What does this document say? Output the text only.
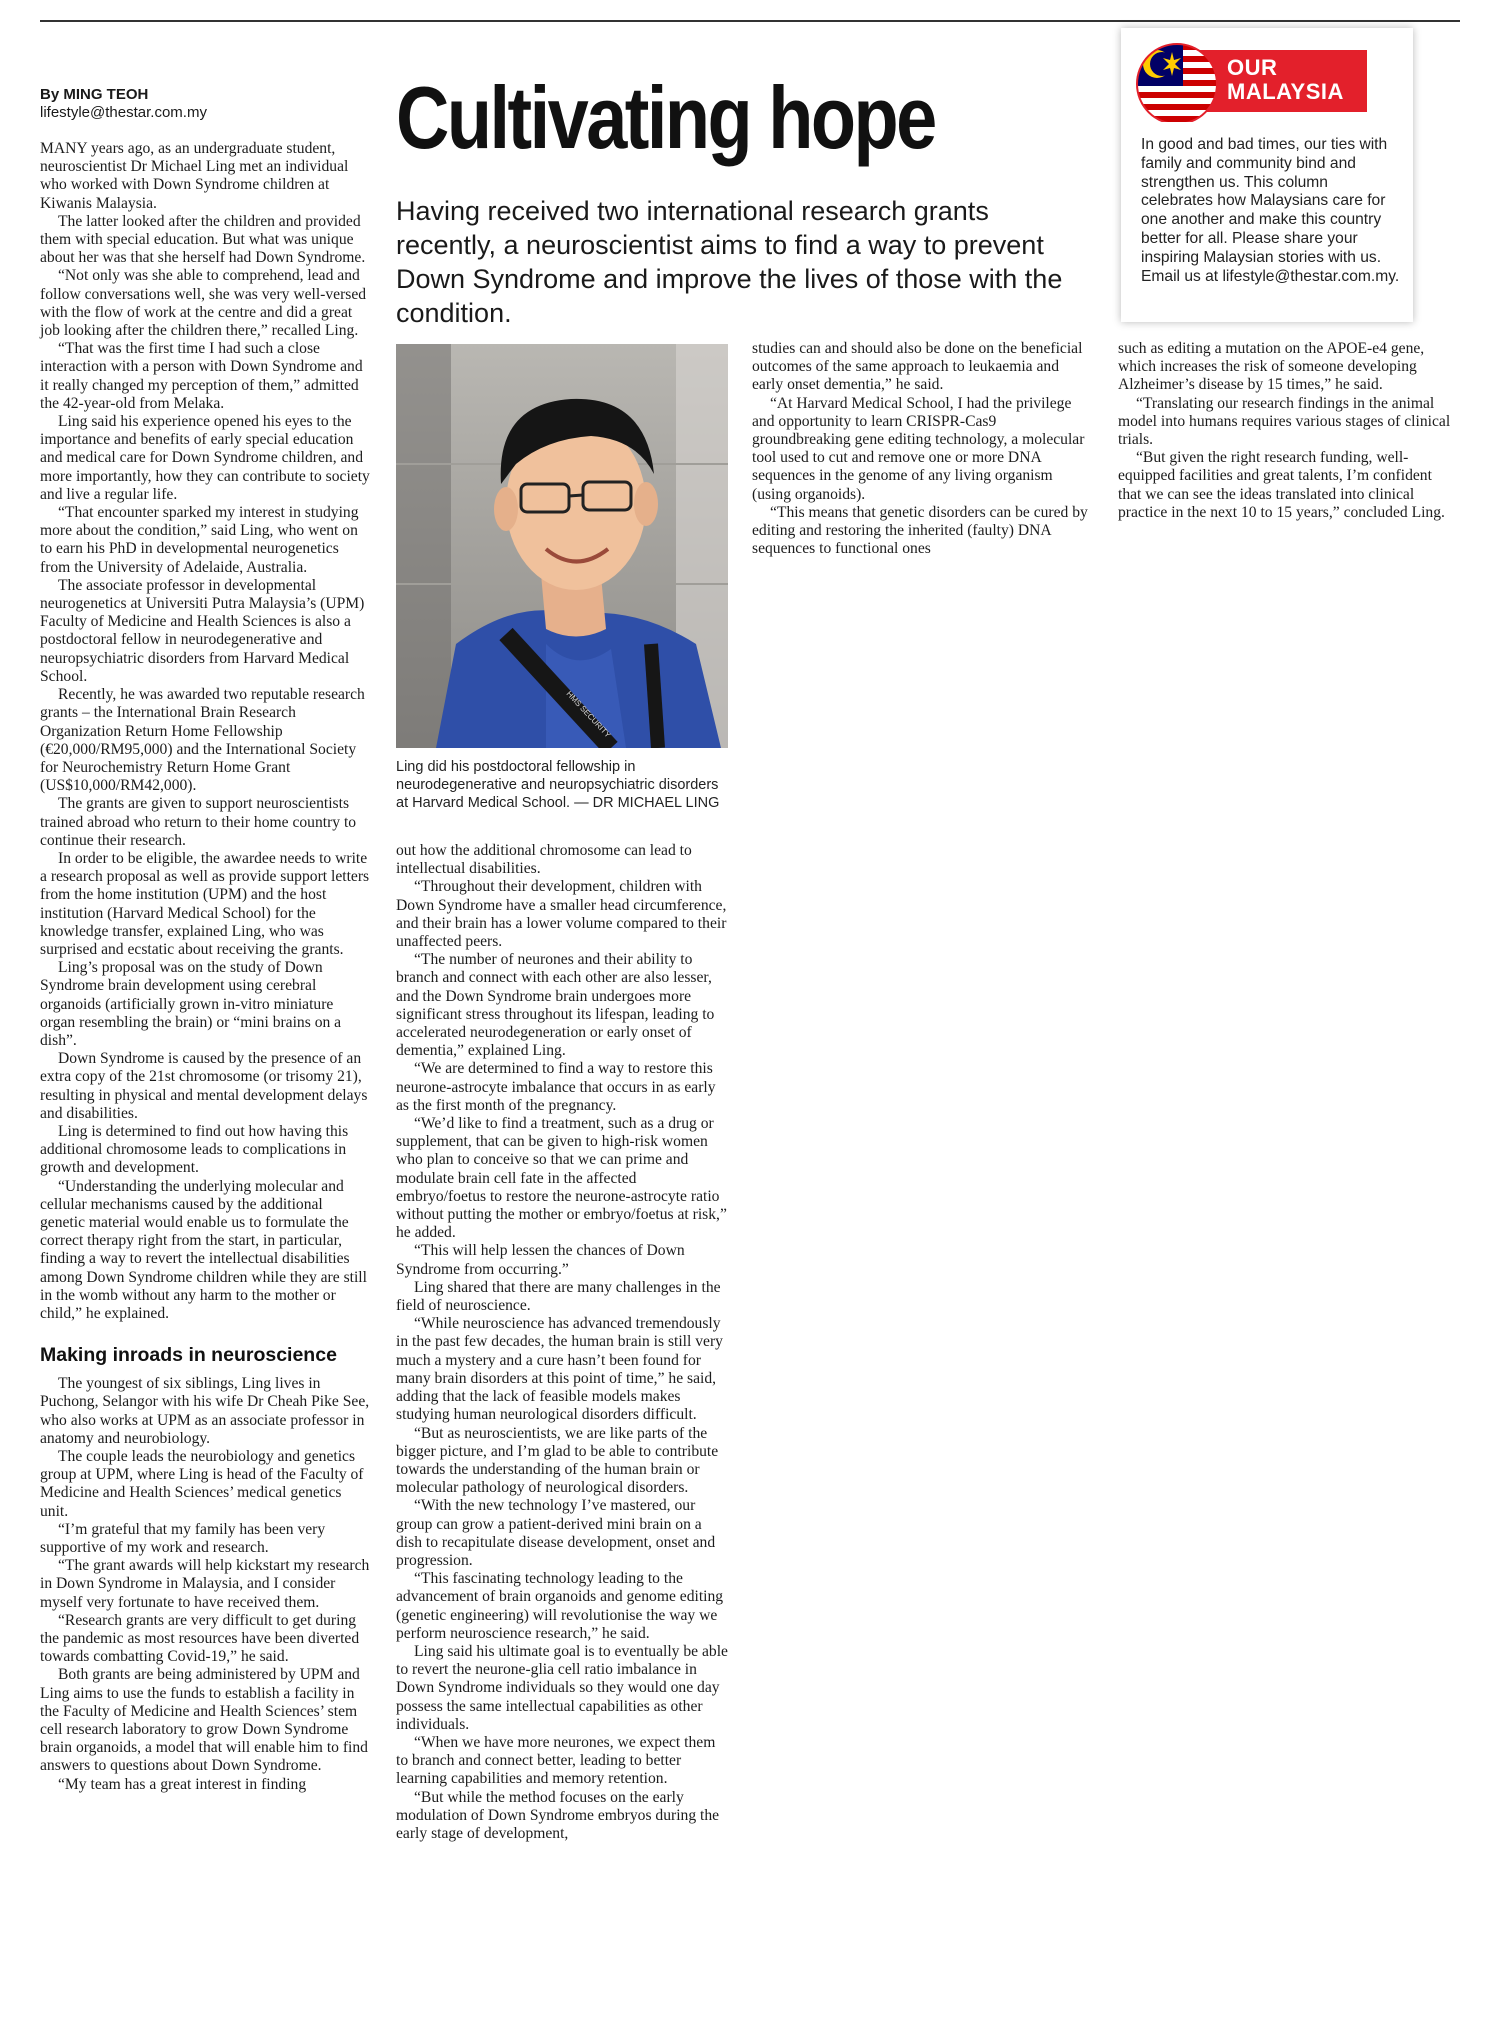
By MING TEOH
lifestyle@thestar.com.my	Cultivating hope
Having received two international research grants recently, a neuroscientist aims to find a way to prevent Down Syndrome and improve the lives of those with the condition.

MANY years ago, as an undergraduate student, neuroscientist Dr Michael Ling met an individual who worked with Down Syndrome children at Kiwanis Malaysia.

The latter looked after the children and provided them with special education. But what was unique about her was that she herself had Down Syndrome.

“Not only was she able to comprehend, lead and follow conversations well, she was very well-versed with the flow of work at the centre and did a great job looking after the children there,” recalled Ling.

“That was the first time I had such a close interaction with a person with Down Syndrome and it really changed my perception of them,” admitted the 42-year-old from Melaka.

Ling said his experience opened his eyes to the importance and benefits of early special education and medical care for Down Syndrome children, and more importantly, how they can contribute to society and live a regular life.

“That encounter sparked my interest in studying more about the condition,” said Ling, who went on to earn his PhD in developmental neurogenetics from the University of Adelaide, Australia.

The associate professor in developmental neurogenetics at Universiti Putra Malaysia’s (UPM) Faculty of Medicine and Health Sciences is also a postdoctoral fellow in neurodegenerative and neuropsychiatric disorders from Harvard Medical School.

Recently, he was awarded two reputable research grants – the International Brain Research Organization Return Home Fellowship (€20,000/RM95,000) and the International Society for Neurochemistry Return Home Grant (US$10,000/RM42,000).

The grants are given to support neuroscientists trained abroad who return to their home country to continue their research.

In order to be eligible, the awardee needs to write a research proposal as well as provide support letters from the home institution (UPM) and the host institution (Harvard Medical School) for the knowledge transfer, explained Ling, who was surprised and ecstatic about receiving the grants.

Ling’s proposal was on the study of Down Syndrome brain development using cerebral organoids (artificially grown in-vitro miniature organ resembling the brain) or “mini brains on a dish”.

Down Syndrome is caused by the presence of an extra copy of the 21st chromosome (or trisomy 21), resulting in physical and mental development delays and disabilities.

Ling is determined to find out how having this additional chromosome leads to complications in growth and development.

“Understanding the underlying molecular and cellular mechanisms caused by the additional genetic material would enable us to formulate the correct therapy right from the start, in particular, finding a way to revert the intellectual disabilities among Down Syndrome children while they are still in the womb without any harm to the mother or child,” he explained.

Making inroads in neuroscience

The youngest of six siblings, Ling lives in Puchong, Selangor with his wife Dr Cheah Pike See, who also works at UPM as an associate professor in anatomy and neurobiology.

The couple leads the neurobiology and genetics group at UPM, where Ling is head of the Faculty of Medicine and Health Sciences’ medical genetics unit.

“I’m grateful that my family has been very supportive of my work and research.

“The grant awards will help kickstart my research in Down Syndrome in Malaysia, and I consider myself very fortunate to have received them.

“Research grants are very difficult to get during the pandemic as most resources have been diverted towards combatting Covid-19,” he said.

Both grants are being administered by UPM and Ling aims to use the funds to establish a facility in the Faculty of Medicine and Health Sciences’ stem cell research laboratory to grow Down Syndrome brain organoids, a model that will enable him to find answers to questions about Down Syndrome.

“My team has a great interest in finding

HMS SECURITY
Ling did his postdoctoral fellowship in neurodegenerative and neuropsychiatric disorders at Harvard Medical School. — DR MICHAEL LING

out how the additional chromosome can lead to intellectual disabilities.

“Throughout their development, children with Down Syndrome have a smaller head circumference, and their brain has a lower volume compared to their unaffected peers.

“The number of neurones and their ability to branch and connect with each other are also lesser, and the Down Syndrome brain undergoes more significant stress throughout its lifespan, leading to accelerated neurodegeneration or early onset of dementia,” explained Ling.

“We are determined to find a way to restore this neurone-astrocyte imbalance that occurs in as early as the first month of the pregnancy.

“We’d like to find a treatment, such as a drug or supplement, that can be given to high-risk women who plan to conceive so that we can prime and modulate brain cell fate in the affected embryo/foetus to restore the neurone-astrocyte ratio without putting the mother or embryo/foetus at risk,” he added.

“This will help lessen the chances of Down Syndrome from occurring.”

Ling shared that there are many challenges in the field of neuroscience.

“While neuroscience has advanced tremendously in the past few decades, the human brain is still very much a mystery and a cure hasn’t been found for many brain disorders at this point of time,” he said, adding that the lack of feasible models makes studying human neurological disorders difficult.

“But as neuroscientists, we are like parts of the bigger picture, and I’m glad to be able to contribute towards the understanding of the human brain or molecular pathology of neurological disorders.

“With the new technology I’ve mastered, our group can grow a patient-derived mini brain on a dish to recapitulate disease development, onset and progression.

“This fascinating technology leading to the advancement of brain organoids and genome editing (genetic engineering) will revolutionise the way we perform neuroscience research,” he said.

Ling said his ultimate goal is to eventually be able to revert the neurone-glia cell ratio imbalance in Down Syndrome individuals so they would one day possess the same intellectual capabilities as other individuals.

“When we have more neurones, we expect them to branch and connect better, leading to better learning capabilities and memory retention.

“But while the method focuses on the early modulation of Down Syndrome embryos during the early stage of development,

studies can and should also be done on the beneficial outcomes of the same approach to leukaemia and early onset dementia,” he said.

“At Harvard Medical School, I had the privilege and opportunity to learn CRISPR-Cas9 groundbreaking gene editing technology, a molecular tool used to cut and remove one or more DNA sequences in the genome of any living organism (using organoids).

“This means that genetic disorders can be cured by editing and restoring the inherited (faulty) DNA sequences to functional ones

such as editing a mutation on the APOE-e4 gene, which increases the risk of someone developing Alzheimer’s disease by 15 times,” he said.

“Translating our research findings in the animal model into humans requires various stages of clinical trials.

“But given the right research funding, well-equipped facilities and great talents, I’m confident that we can see the ideas translated into clinical practice in the next 10 to 15 years,” concluded Ling.

OUR
MALAYSIA
In good and bad times, our ties with family and community bind and strengthen us. This column celebrates how Malaysians care for one another and make this country better for all. Please share your inspiring Malaysian stories with us. Email us at lifestyle@thestar.com.my.
